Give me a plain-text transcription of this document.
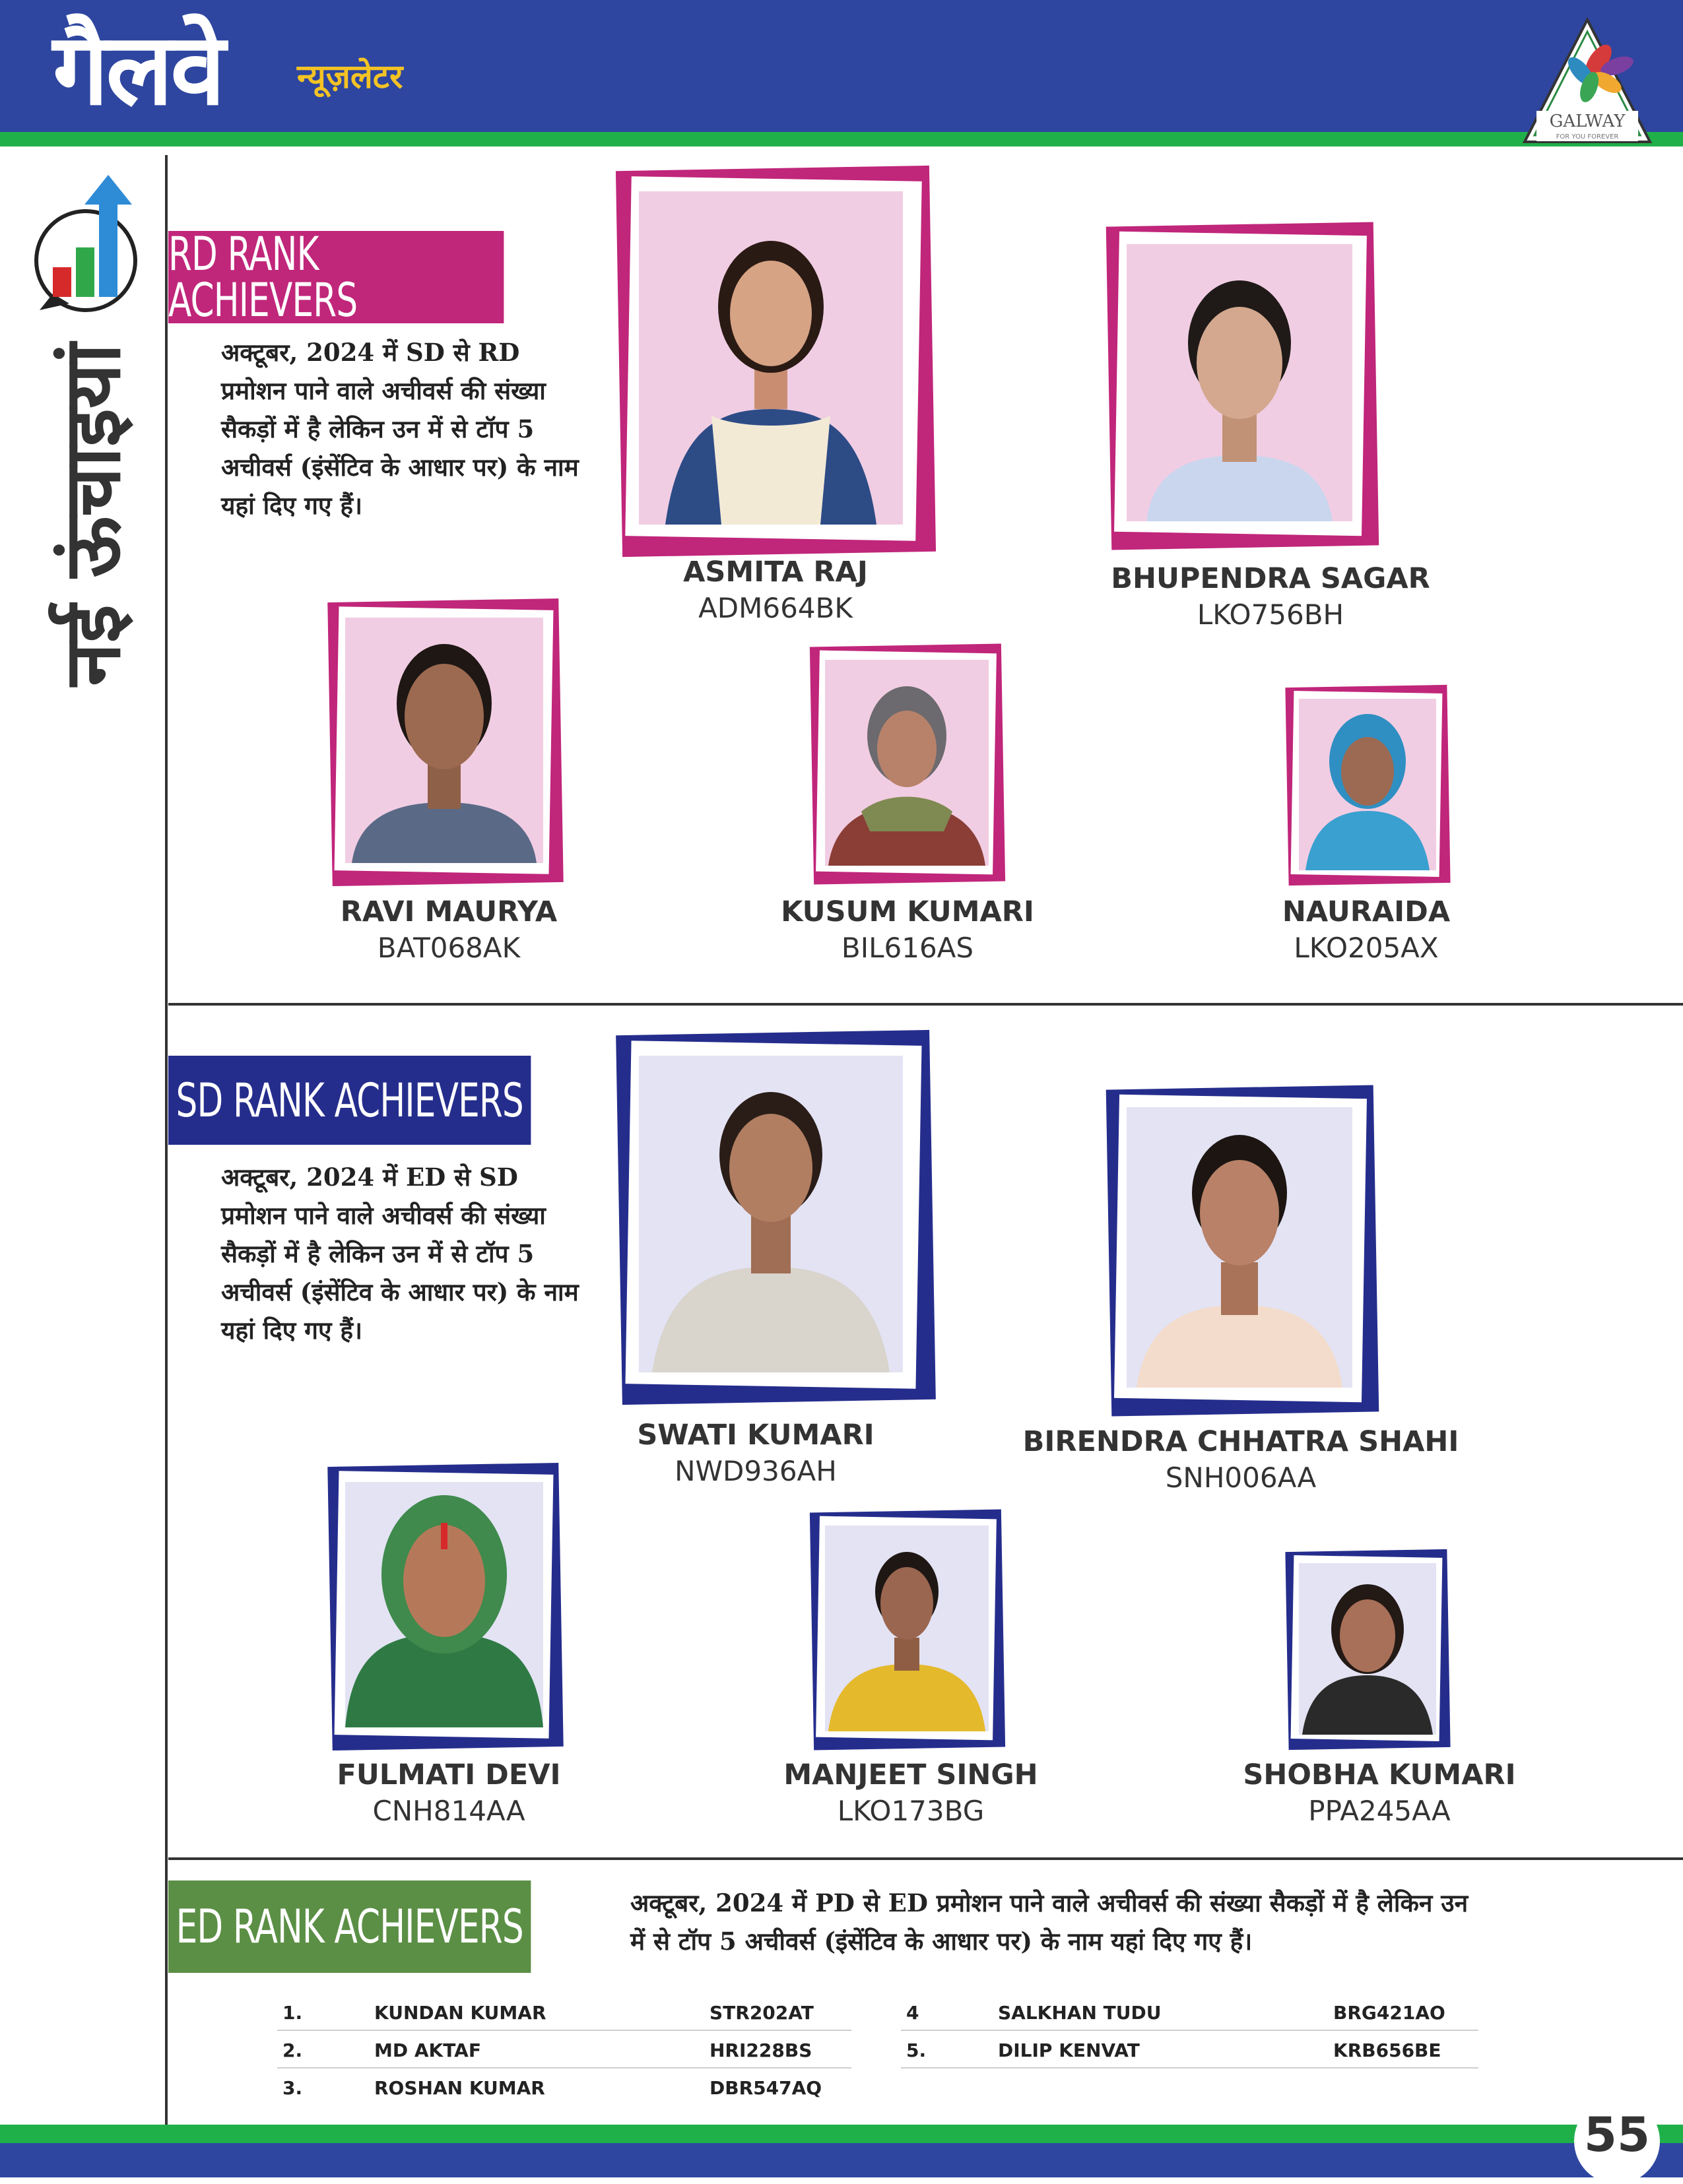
गैलवे न्यूज़लेटर
GALWAY
FOR YOU FOREVER
नई ऊंचाइयां
RD RANK ACHIEVERS
अक्टूबर, 2024 में SD से RD प्रमोशन पाने वाले अचीवर्स की संख्या सैकड़ों में है लेकिन उन में से टॉप 5 अचीवर्स (इंसेंटिव के आधार पर) के नाम यहां दिए गए हैं।
ASMITA RAJ
ADM664BK
BHUPENDRA SAGAR
LKO756BH
RAVI MAURYA
BAT068AK
KUSUM KUMARI
BIL616AS
NAURAIDA
LKO205AX
SD RANK ACHIEVERS
अक्टूबर, 2024 में ED से SD प्रमोशन पाने वाले अचीवर्स की संख्या सैकड़ों में है लेकिन उन में से टॉप 5 अचीवर्स (इंसेंटिव के आधार पर) के नाम यहां दिए गए हैं।
SWATI KUMARI
NWD936AH
BIRENDRA CHHATRA SHAHI
SNH006AA
FULMATI DEVI
CNH814AA
MANJEET SINGH
LKO173BG
SHOBHA KUMARI
PPA245AA
ED RANK ACHIEVERS	अक्टूबर, 2024 में PD से ED प्रमोशन पाने वाले अचीवर्स की संख्या सैकड़ों में है लेकिन उन में से टॉप 5 अचीवर्स (इंसेंटिव के आधार पर) के नाम यहां दिए गए हैं।
1.	KUNDAN KUMAR	STR202AT
2.	MD AKTAF	HRI228BS
3.	ROSHAN KUMAR	DBR547AQ
4	SALKHAN TUDU	BRG421AO
5.	DILIP KENVAT	KRB656BE
55
